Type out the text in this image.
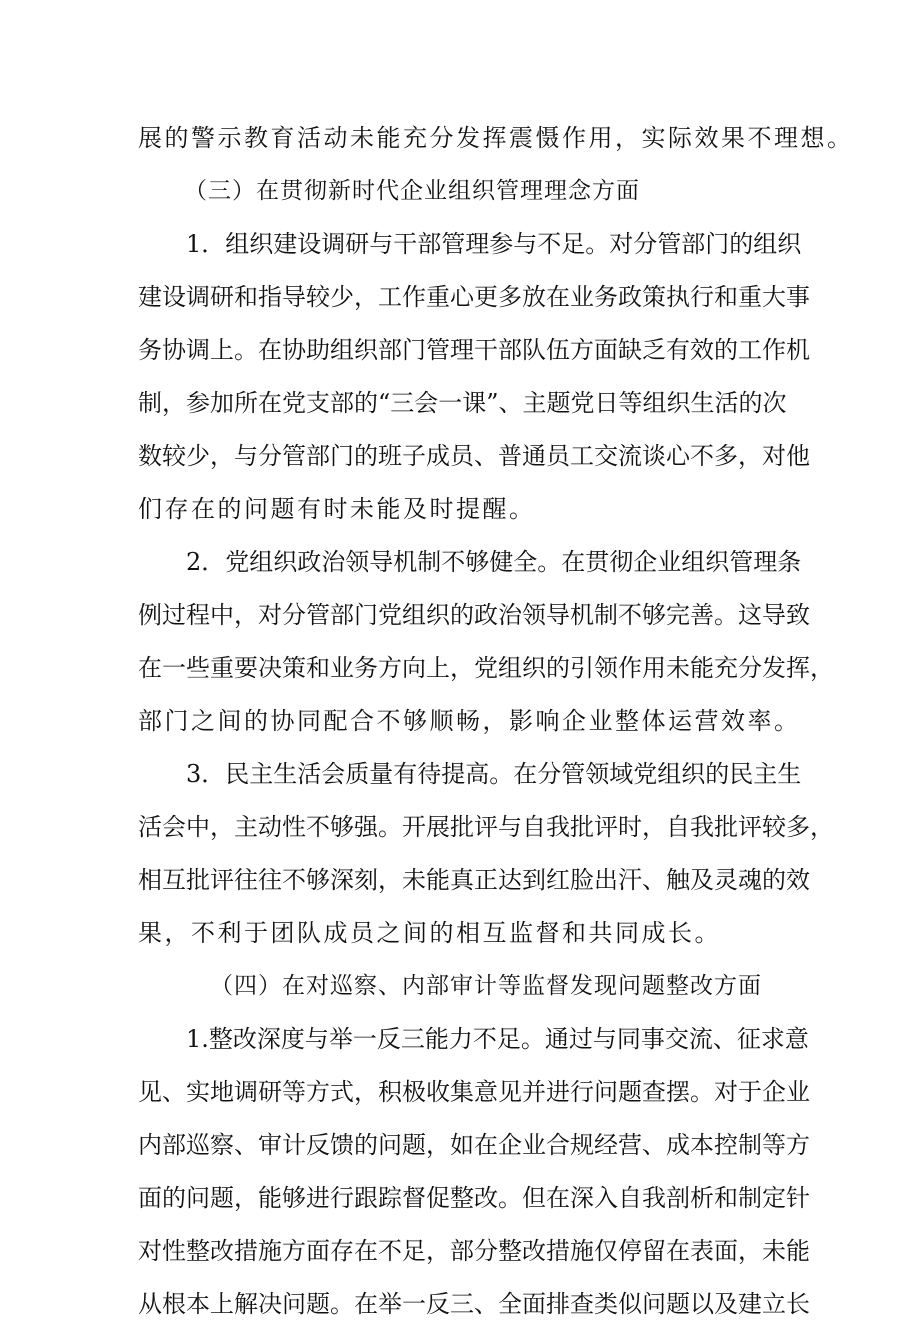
展的警示教育活动未能充分发挥震慑作用，实际效果不理想。
（三）在贯彻新时代企业组织管理理念方面
1．组织建设调研与干部管理参与不足。对分管部门的组织
建设调研和指导较少，工作重心更多放在业务政策执行和重大事
务协调上。在协助组织部门管理干部队伍方面缺乏有效的工作机
制，参加所在党支部的“三会一课”、主题党日等组织生活的次
数较少，与分管部门的班子成员、普通员工交流谈心不多，对他
们存在的问题有时未能及时提醒。
2．党组织政治领导机制不够健全。在贯彻企业组织管理条
例过程中，对分管部门党组织的政治领导机制不够完善。这导致
在一些重要决策和业务方向上，党组织的引领作用未能充分发挥，
部门之间的协同配合不够顺畅，影响企业整体运营效率。
3．民主生活会质量有待提高。在分管领域党组织的民主生
活会中，主动性不够强。开展批评与自我批评时，自我批评较多，
相互批评往往不够深刻，未能真正达到红脸出汗、触及灵魂的效
果，不利于团队成员之间的相互监督和共同成长。
（四）在对巡察、内部审计等监督发现问题整改方面
1.整改深度与举一反三能力不足。通过与同事交流、征求意
见、实地调研等方式，积极收集意见并进行问题查摆。对于企业
内部巡察、审计反馈的问题，如在企业合规经营、成本控制等方
面的问题，能够进行跟踪督促整改。但在深入自我剖析和制定针
对性整改措施方面存在不足，部分整改措施仅停留在表面，未能
从根本上解决问题。在举一反三、全面排查类似问题以及建立长
